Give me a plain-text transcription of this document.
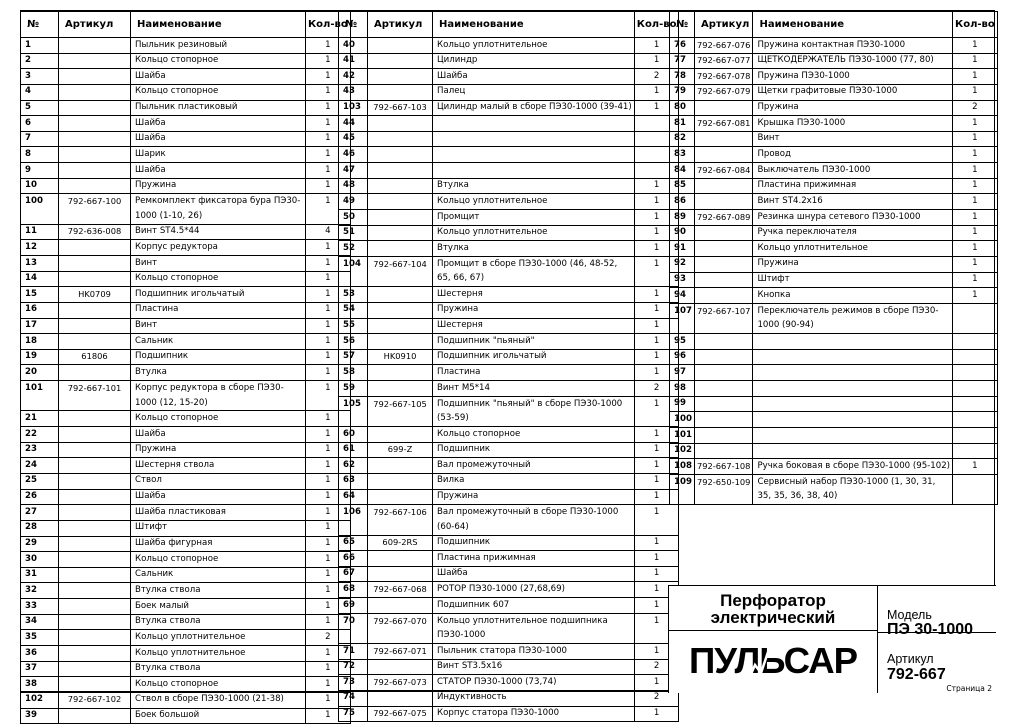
№	Артикул	Наименование	Кол-во
1		Пыльник резиновый	1
2		Кольцо стопорное	1
3		Шайба	1
4		Кольцо стопорное	1
5		Пыльник пластиковый	1
6		Шайба	1
7		Шайба	1
8		Шарик	1
9		Шайба	1
10		Пружина	1
100	792-667-100	Ремкомплект фиксатора бура ПЭ30-1000 (1-10, 26)	1
11	792-636-008	Винт ST4.5*44	4
12		Корпус редуктора	1
13		Винт	1
14		Кольцо стопорное	1
15	HK0709	Подшипник игольчатый	1
16		Пластина	1
17		Винт	1
18		Сальник	1
19	61806	Подшипник	1
20		Втулка	1
101	792-667-101	Корпус редуктора в сборе ПЭ30-1000 (12, 15-20)	1
21		Кольцо стопорное	1
22		Шайба	1
23		Пружина	1
24		Шестерня ствола	1
25		Ствол	1
26		Шайба	1
27		Шайба пластиковая	1
28		Штифт	1
29		Шайба фигурная	1
30		Кольцо стопорное	1
31		Сальник	1
32		Втулка ствола	1
33		Боек малый	1
34		Втулка ствола	1
35		Кольцо уплотнительное	2
36		Кольцо уплотнительное	1
37		Втулка ствола	1
38		Кольцо стопорное	1
102	792-667-102	Ствол в сборе ПЭ30-1000 (21-38)	1
39		Боек большой	1
№	Артикул	Наименование	Кол-во
40		Кольцо уплотнительное	1
41		Цилиндр	1
42		Шайба	2
43		Палец	1
103	792-667-103	Цилиндр малый в сборе ПЭ30-1000 (39-41)	1
44			
45			
46			
47			
48		Втулка	1
49		Кольцо уплотнительное	1
50		Промщит	1
51		Кольцо уплотнительное	1
52		Втулка	1
104	792-667-104	Промщит в сборе ПЭ30-1000 (46, 48-52, 65, 66, 67)	1
53		Шестерня	1
54		Пружина	1
55		Шестерня	1
56		Подшипник "пьяный"	1
57	HK0910	Подшипник игольчатый	1
58		Пластина	1
59		Винт M5*14	2
105	792-667-105	Подшипник "пьяный" в сборе ПЭ30-1000 (53-59)	1
60		Кольцо стопорное	1
61	699-Z	Подшипник	1
62		Вал промежуточный	1
63		Вилка	1
64		Пружина	1
106	792-667-106	Вал промежуточный в сборе ПЭ30-1000 (60-64)	1
65	609-2RS	Подшипник	1
66		Пластина прижимная	1
67		Шайба	1
68	792-667-068	РОТОР ПЭ30-1000 (27,68,69)	1
69		Подшипник 607	1
70	792-667-070	Кольцо уплотнительное подшипника ПЭ30-1000	1
71	792-667-071	Пыльник статора ПЭ30-1000	1
72		Винт ST3.5x16	2
73	792-667-073	СТАТОР ПЭ30-1000 (73,74)	1
74		Индуктивность	2
75	792-667-075	Корпус статора ПЭ30-1000	1
№	Артикул	Наименование	Кол-во
76	792-667-076	Пружина контактная ПЭ30-1000	1
77	792-667-077	ЩЕТКОДЕРЖАТЕЛЬ ПЭ30-1000 (77, 80)	1
78	792-667-078	Пружина ПЭ30-1000	1
79	792-667-079	Щетки графитовые ПЭ30-1000	1
80		Пружина	2
81	792-667-081	Крышка ПЭ30-1000	1
82		Винт	1
83		Провод	1
84	792-667-084	Выключатель ПЭ30-1000	1
85		Пластина прижимная	1
86		Винт ST4.2x16	1
89	792-667-089	Резинка шнура сетевого ПЭ30-1000	1
90		Ручка переключателя	1
91		Кольцо уплотнительное	1
92		Пружина	1
93		Штифт	1
94		Кнопка	1
107	792-667-107	Переключатель режимов в сборе ПЭ30-1000 (90-94)	
95			
96			
97			
98			
99			
100			
101			
102			
108	792-667-108	Ручка боковая в сборе ПЭ30-1000 (95-102)	1
109	792-650-109	Сервисный набор ПЭ30-1000 (1, 30, 31, 35, 35, 36, 38, 40)	
Перфоратор
электрический
ПУЛЬСАР
Модель
ПЭ 30-1000
Артикул
792-667
Страница 2
